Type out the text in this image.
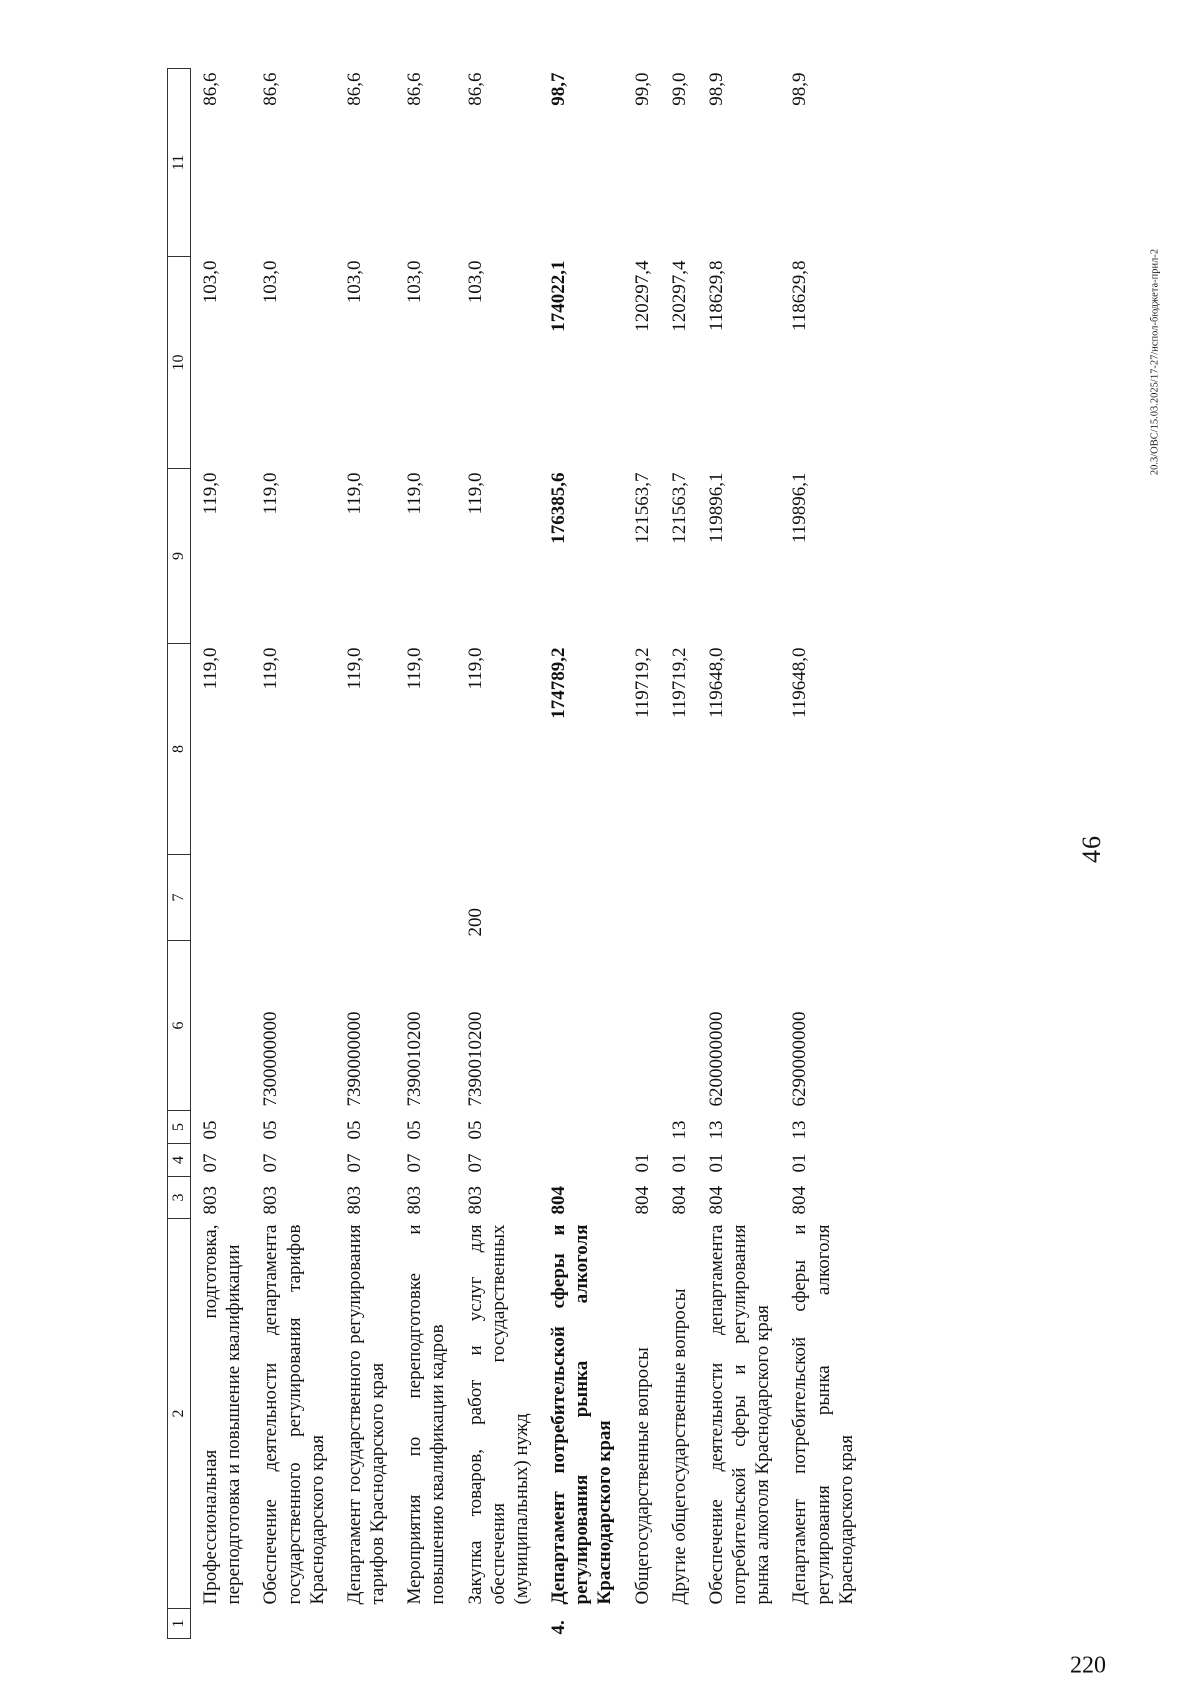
46
220
20.3/ОВС/15.03.2025/17-27/испол-бюджета-прил-2
1	2	3	4	5	6	7	8	9	10	11
	Профессиональная подготовка, переподготовка и повышение квалификации	803	07	05			119,0	119,0	103,0	86,6
	Обеспечение деятельности департамента государственного регулирования тарифов Краснодарского края	803	07	05	7300000000		119,0	119,0	103,0	86,6
	Департамент государственного регулирования тарифов Краснодарского края	803	07	05	7390000000		119,0	119,0	103,0	86,6
	Мероприятия по переподготовке и повышению квалификации кадров	803	07	05	7390010200		119,0	119,0	103,0	86,6
	Закупка товаров, работ и услуг для обеспечения государственных (муниципальных) нужд	803	07	05	7390010200	200	119,0	119,0	103,0	86,6
4.	Департамент потребительской сферы и регулирования рынка алкоголя Краснодарского края	804					174789,2	176385,6	174022,1	98,7
	Общегосударственные вопросы	804	01				119719,2	121563,7	120297,4	99,0
	Другие общегосударственные вопросы	804	01	13			119719,2	121563,7	120297,4	99,0
	Обеспечение деятельности департамента потребительской сферы и регулирования рынка алкоголя Краснодарского края	804	01	13	6200000000		119648,0	119896,1	118629,8	98,9
	Департамент потребительской сферы и регулирования рынка алкоголя Краснодарского края	804	01	13	6290000000		119648,0	119896,1	118629,8	98,9
